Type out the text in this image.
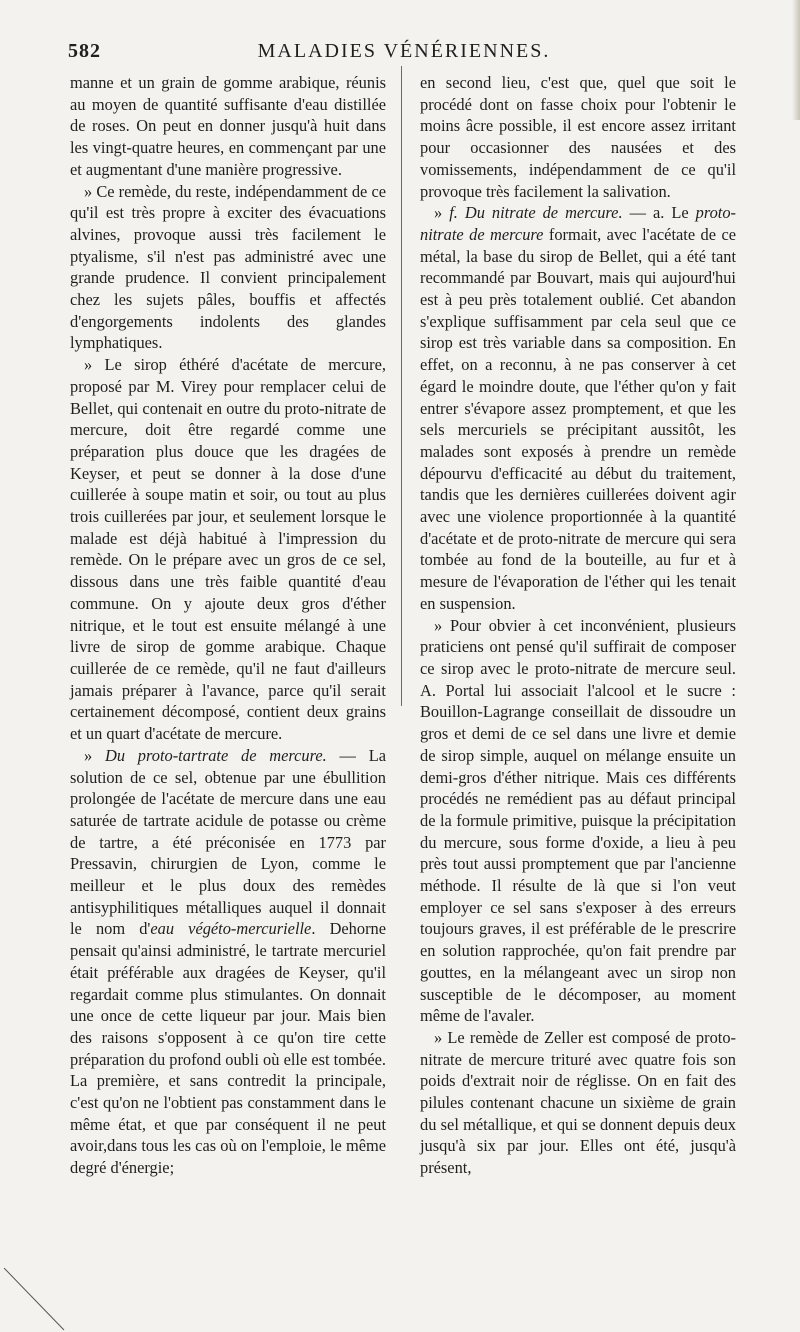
582	MALADIES VÉNÉRIENNES.

manne et un grain de gomme arabique, réunis au moyen de quantité suffisante d'eau distillée de roses. On peut en donner jusqu'à huit dans les vingt-quatre heures, en commençant par une et augmentant d'une manière progressive.

» Ce remède, du reste, indépendamment de ce qu'il est très propre à exciter des évacuations alvines, provoque aussi très facilement le ptyalisme, s'il n'est pas administré avec une grande prudence. Il convient principalement chez les sujets pâles, bouffis et affectés d'engorgements indolents des glandes lymphatiques.

» Le sirop éthéré d'acétate de mercure, proposé par M. Virey pour remplacer celui de Bellet, qui contenait en outre du proto-nitrate de mercure, doit être regardé comme une préparation plus douce que les dragées de Keyser, et peut se donner à la dose d'une cuillerée à soupe matin et soir, ou tout au plus trois cuillerées par jour, et seulement lorsque le malade est déjà habitué à l'impression du remède. On le prépare avec un gros de ce sel, dissous dans une très faible quantité d'eau commune. On y ajoute deux gros d'éther nitrique, et le tout est ensuite mélangé à une livre de sirop de gomme arabique. Chaque cuillerée de ce remède, qu'il ne faut d'ailleurs jamais préparer à l'avance, parce qu'il serait certainement décomposé, contient deux grains et un quart d'acétate de mercure.

» Du proto-tartrate de mercure. — La solution de ce sel, obtenue par une ébullition prolongée de l'acétate de mercure dans une eau saturée de tartrate acidule de potasse ou crème de tartre, a été préconisée en 1773 par Pressavin, chirurgien de Lyon, comme le meilleur et le plus doux des remèdes antisyphilitiques métalliques auquel il donnait le nom d'eau végéto-mercurielle. Dehorne pensait qu'ainsi administré, le tartrate mercuriel était préférable aux dragées de Keyser, qu'il regardait comme plus stimulantes. On donnait une once de cette liqueur par jour. Mais bien des raisons s'opposent à ce qu'on tire cette préparation du profond oubli où elle est tombée. La première, et sans contredit la principale, c'est qu'on ne l'obtient pas constamment dans le même état, et que par conséquent il ne peut avoir,dans tous les cas où on l'emploie, le même degré d'énergie;

en second lieu, c'est que, quel que soit le procédé dont on fasse choix pour l'obtenir le moins âcre possible, il est encore assez irritant pour occasionner des nausées et des vomissements, indépendamment de ce qu'il provoque très facilement la salivation.

» f. Du nitrate de mercure. — a. Le proto-nitrate de mercure formait, avec l'acétate de ce métal, la base du sirop de Bellet, qui a été tant recommandé par Bouvart, mais qui aujourd'hui est à peu près totalement oublié. Cet abandon s'explique suffisamment par cela seul que ce sirop est très variable dans sa composition. En effet, on a reconnu, à ne pas conserver à cet égard le moindre doute, que l'éther qu'on y fait entrer s'évapore assez promptement, et que les sels mercuriels se précipitant aussitôt, les malades sont exposés à prendre un remède dépourvu d'efficacité au début du traitement, tandis que les dernières cuillerées doivent agir avec une violence proportionnée à la quantité d'acétate et de proto-nitrate de mercure qui sera tombée au fond de la bouteille, au fur et à mesure de l'évaporation de l'éther qui les tenait en suspension.

» Pour obvier à cet inconvénient, plusieurs praticiens ont pensé qu'il suffirait de composer ce sirop avec le proto-nitrate de mercure seul. A. Portal lui associait l'alcool et le sucre : Bouillon-Lagrange conseillait de dissoudre un gros et demi de ce sel dans une livre et demie de sirop simple, auquel on mélange ensuite un demi-gros d'éther nitrique. Mais ces différents procédés ne remédient pas au défaut principal de la formule primitive, puisque la précipitation du mercure, sous forme d'oxide, a lieu à peu près tout aussi promptement que par l'ancienne méthode. Il résulte de là que si l'on veut employer ce sel sans s'exposer à des erreurs toujours graves, il est préférable de le prescrire en solution rapprochée, qu'on fait prendre par gouttes, en la mélangeant avec un sirop non susceptible de le décomposer, au moment même de l'avaler.

» Le remède de Zeller est composé de proto-nitrate de mercure trituré avec quatre fois son poids d'extrait noir de réglisse. On en fait des pilules contenant chacune un sixième de grain du sel métallique, et qui se donnent depuis deux jusqu'à six par jour. Elles ont été, jusqu'à présent,
